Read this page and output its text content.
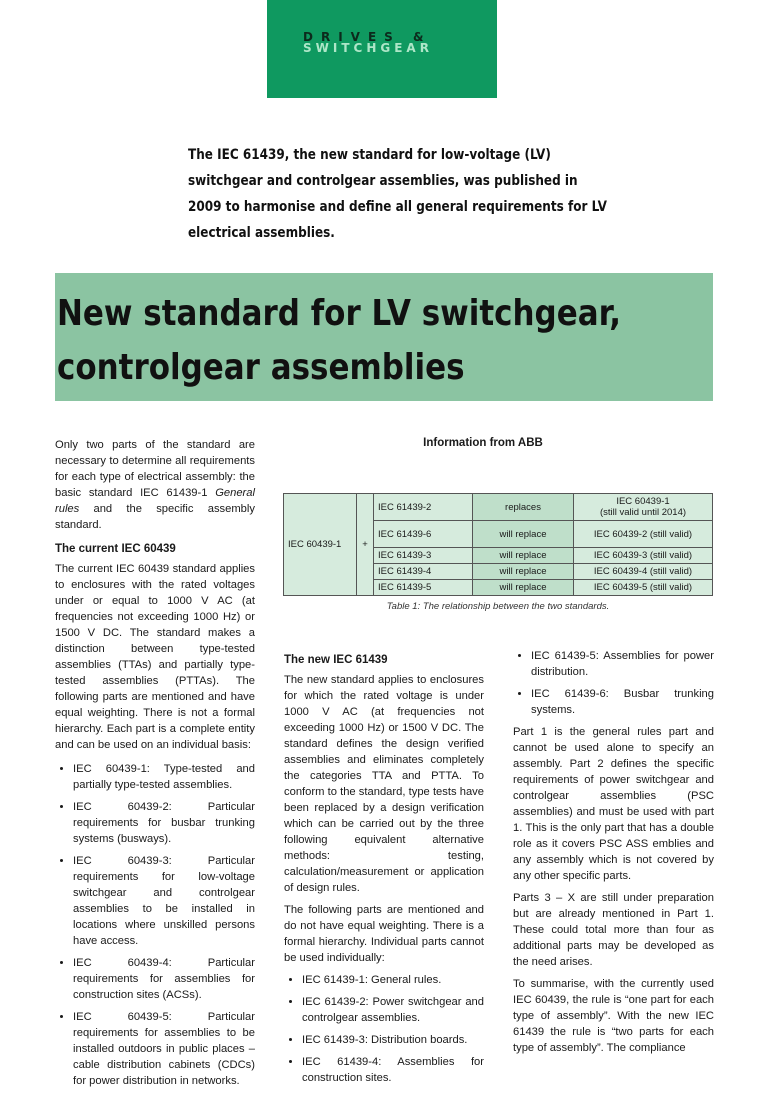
DRIVES &
SWITCHGEAR

The IEC 61439, the new standard for low-voltage (LV) switchgear and controlgear assemblies, was published in 2009 to harmonise and define all general requirements for LV electrical assemblies.

New standard for LV switchgear,
controlgear assemblies

Only two parts of the standard are necessary to determine all requirements for each type of electrical assembly: the basic standard IEC 61439-1 General rules and the specific assembly standard.

The current IEC 60439

The current IEC 60439 standard applies to enclosures with the rated voltages under or equal to 1000 V AC (at frequencies not exceeding 1000 Hz) or 1500 V DC. The standard makes a distinction between type-tested assemblies (TTAs) and partially type-tested assemblies (PTTAs). The following parts are mentioned and have equal weighting. There is not a formal hierarchy. Each part is a complete entity and can be used on an individual basis:

• IEC 60439-1: Type-tested and partially type-tested assemblies.
• IEC 60439-2: Particular requirements for busbar trunking systems (busways).
• IEC 60439-3: Particular requirements for low-voltage switchgear and controlgear assemblies to be installed in locations where unskilled persons have access.
• IEC 60439-4: Particular requirements for assemblies for construction sites (ACSs).
• IEC 60439-5: Particular requirements for assemblies to be installed outdoors in public places – cable distribution cabinets (CDCs) for power distribution in networks.
Information from ABB
IEC 60439-1	+	IEC 61439-2	replaces	IEC 60439-1
(still valid until 2014)
		IEC 61439-6	will replace	IEC 60439-2 (still valid)
		IEC 61439-3	will replace	IEC 60439-3 (still valid)
		IEC 61439-4	will replace	IEC 60439-4 (still valid)
		IEC 61439-5	will replace	IEC 60439-5 (still valid)
Table 1: The relationship between the two standards.
The new IEC 61439

The new standard applies to enclosures for which the rated voltage is under 1000 V AC (at frequencies not exceeding 1000 Hz) or 1500 V DC. The standard defines the design verified assemblies and eliminates completely the categories TTA and PTTA. To conform to the standard, type tests have been replaced by a design verification which can be carried out by the three following equivalent alternative methods: testing, calculation/measurement or application of design rules.

The following parts are mentioned and do not have equal weighting. There is a formal hierarchy. Individual parts cannot be used individually:

• IEC 61439-1: General rules.
• IEC 61439-2: Power switchgear and controlgear assemblies.
• IEC 61439-3: Distribution boards.
• IEC 61439-4: Assemblies for construction sites.
• IEC 61439-5: Assemblies for power distribution.
• IEC 61439-6: Busbar trunking systems.

Part 1 is the general rules part and cannot be used alone to specify an assembly. Part 2 defines the specific requirements of power switchgear and controlgear assemblies (PSC assemblies) and must be used with part 1. This is the only part that has a double role as it covers PSC ASS emblies and any assembly which is not covered by any other specific parts.

Parts 3 – X are still under preparation but are already mentioned in Part 1. These could total more than four as additional parts may be developed as the need arises.

To summarise, with the currently used IEC 60439, the rule is “one part for each type of assembly”. With the new IEC 61439 the rule is “two parts for each type of assembly”. The compliance
